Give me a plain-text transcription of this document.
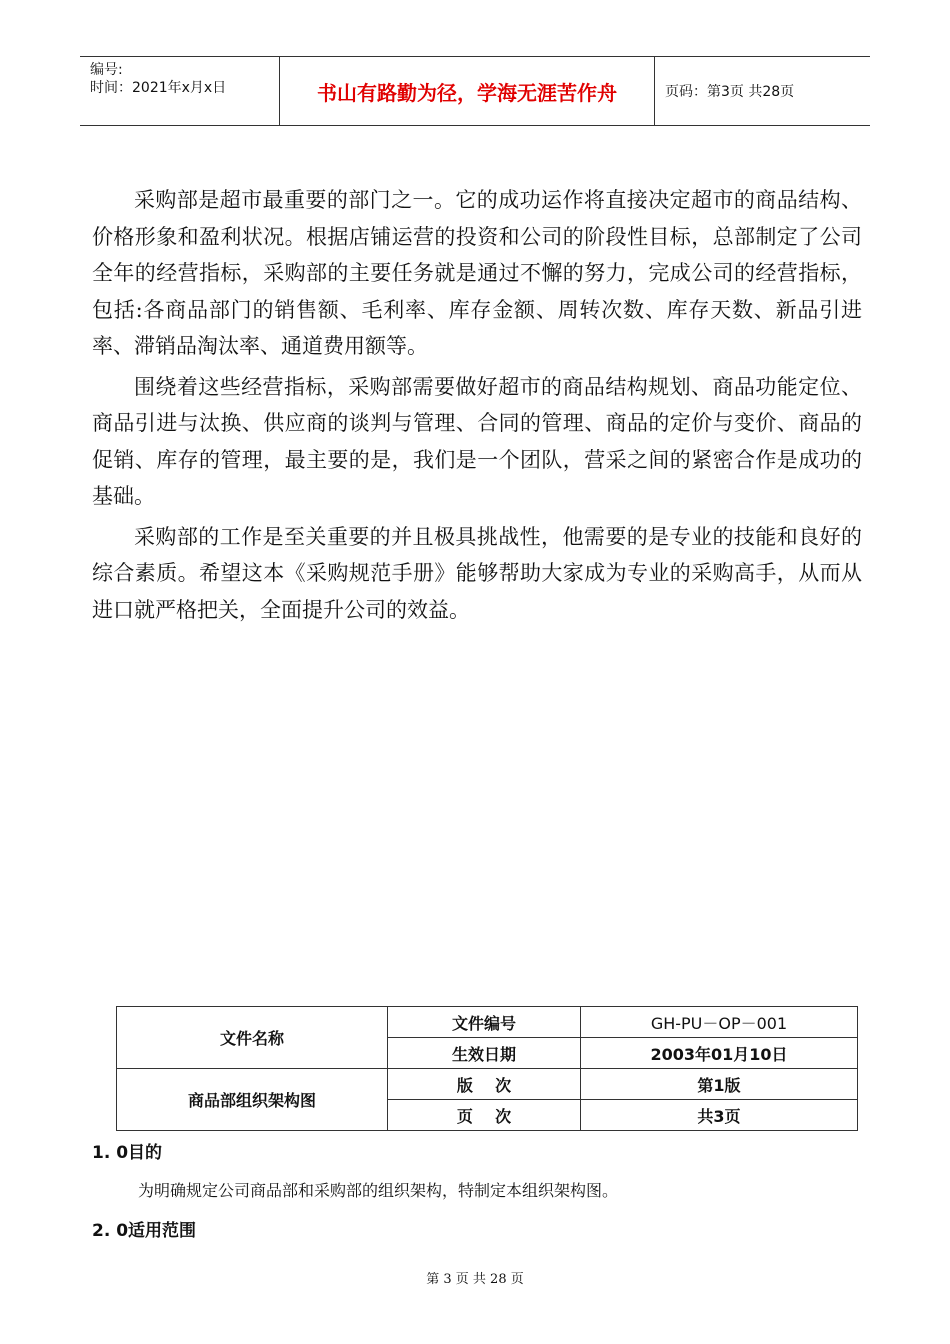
编号:
时间：2021年x月x日	书山有路勤为径，学海无涯苦作舟	页码：第3页 共28页

采购部是超市最重要的部门之一。它的成功运作将直接决定超市的商品结构、价格形象和盈利状况。根据店铺运营的投资和公司的阶段性目标，总部制定了公司全年的经营指标，采购部的主要任务就是通过不懈的努力，完成公司的经营指标，包括:各商品部门的销售额、毛利率、库存金额、周转次数、库存天数、新品引进率、滞销品淘汰率、通道费用额等。

围绕着这些经营指标，采购部需要做好超市的商品结构规划、商品功能定位、商品引进与汰换、供应商的谈判与管理、合同的管理、商品的定价与变价、商品的促销、库存的管理，最主要的是，我们是一个团队，营采之间的紧密合作是成功的基础。

采购部的工作是至关重要的并且极具挑战性，他需要的是专业的技能和良好的综合素质。希望这本《采购规范手册》能够帮助大家成为专业的采购高手，从而从进口就严格把关，全面提升公司的效益。

文件名称	文件编号	GH-PU－OP－001
	生效日期	2003年01月10日
商品部组织架构图	版    次	第1版
	页    次	共3页
1. 0目的
为明确规定公司商品部和采购部的组织架构，特制定本组织架构图。
2. 0适用范围
第 3 页 共 28 页
